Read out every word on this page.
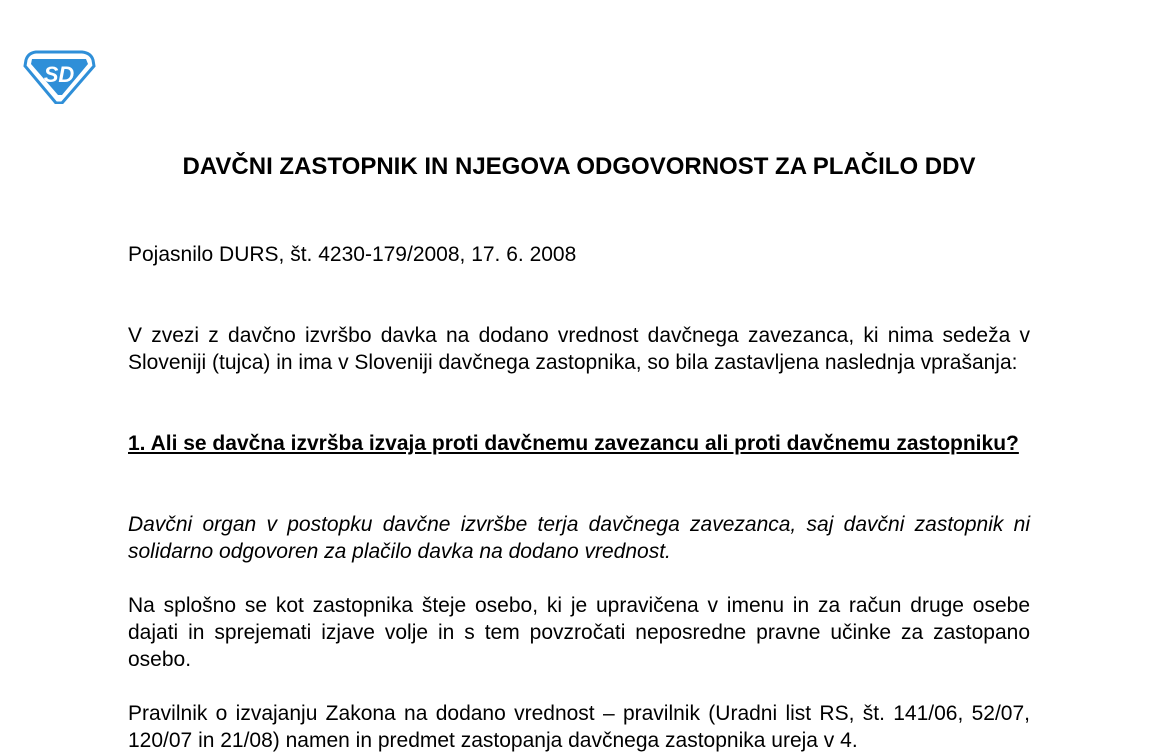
SD
DAVČNI ZASTOPNIK IN NJEGOVA ODGOVORNOST ZA PLAČILO DDV

Pojasnilo DURS, št. 4230-179/2008, 17. 6. 2008

V zvezi z davčno izvršbo davka na dodano vrednost davčnega zavezanca, ki nima sedeža v Sloveniji (tujca) in ima v Sloveniji davčnega zastopnika, so bila zastavljena naslednja vprašanja:

1. Ali se davčna izvršba izvaja proti davčnemu zavezancu ali proti davčnemu zastopniku?

Davčni organ v postopku davčne izvršbe terja davčnega zavezanca, saj davčni zastopnik ni solidarno odgovoren za plačilo davka na dodano vrednost.

Na splošno se kot zastopnika šteje osebo, ki je upravičena v imenu in za račun druge osebe dajati in sprejemati izjave volje in s tem povzročati neposredne pravne učinke za zastopano osebo.

Pravilnik o izvajanju Zakona na dodano vrednost – pravilnik (Uradni list RS, št. 141/06, 52/07, 120/07 in 21/08) namen in predmet zastopanja davčnega zastopnika ureja v 4.
